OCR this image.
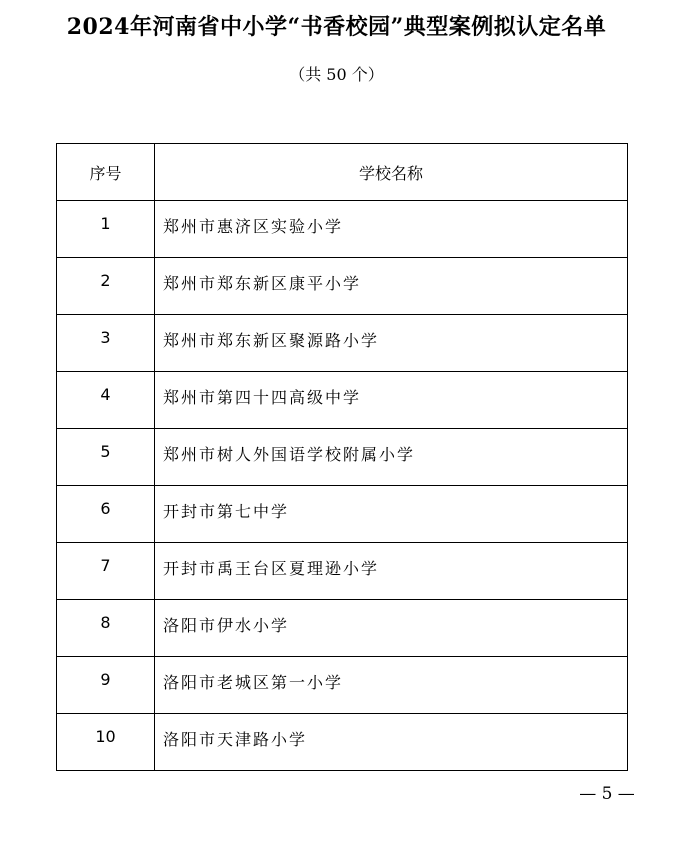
2024年河南省中小学“书香校园”典型案例拟认定名单
（共 50 个）
序号	学校名称
1	郑州市惠济区实验小学
2	郑州市郑东新区康平小学
3	郑州市郑东新区聚源路小学
4	郑州市第四十四高级中学
5	郑州市树人外国语学校附属小学
6	开封市第七中学
7	开封市禹王台区夏理逊小学
8	洛阳市伊水小学
9	洛阳市老城区第一小学
10	洛阳市天津路小学
— 5 —
